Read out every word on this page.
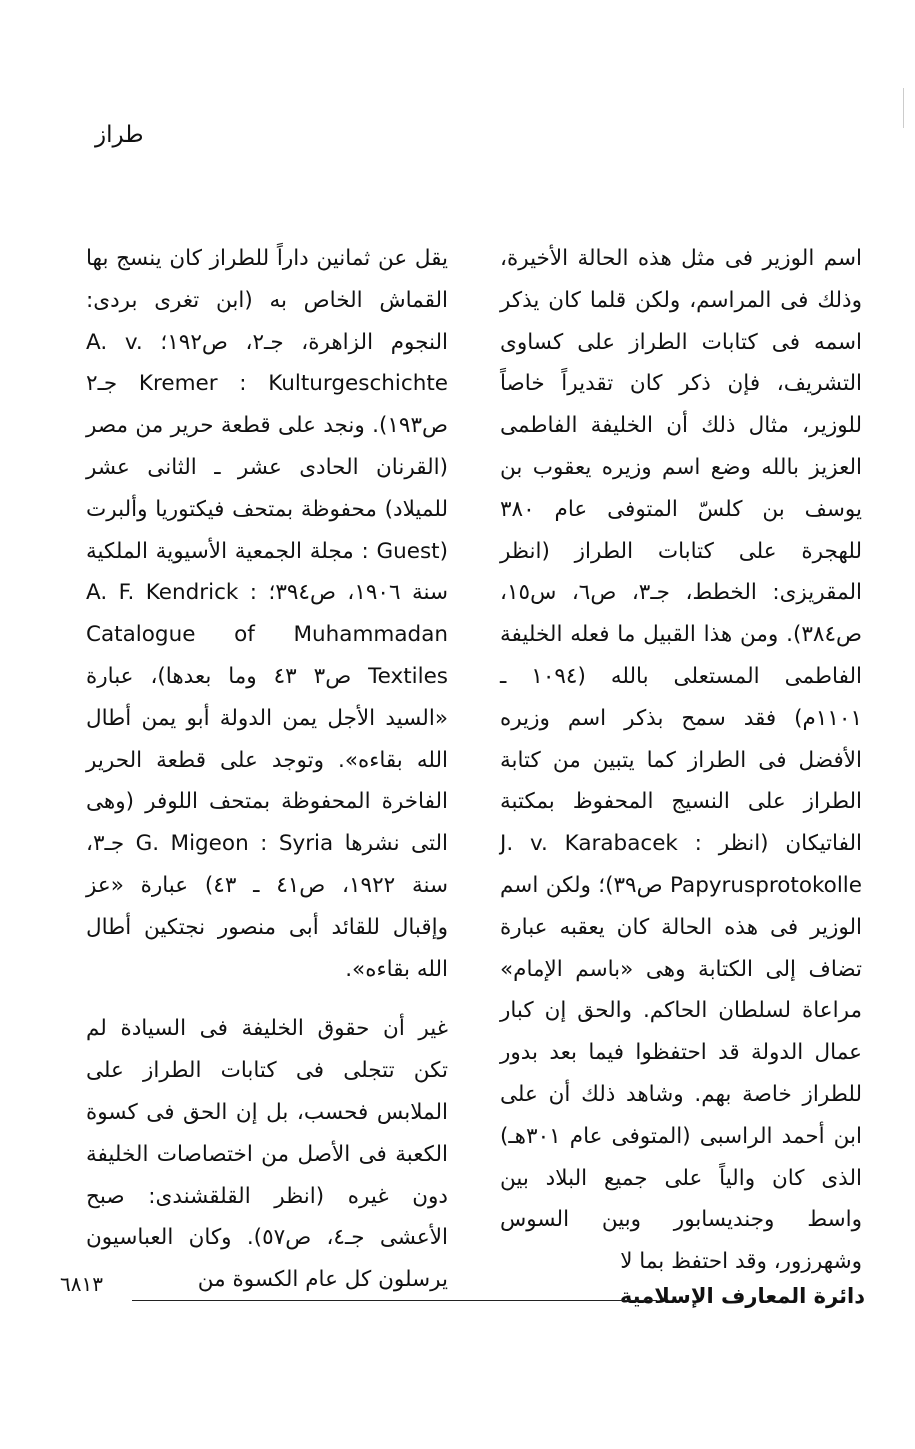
طراز

اسم الوزير فى مثل هذه الحالة الأخيرة، وذلك فى المراسم، ولكن قلما كان يذكر اسمه فى كتابات الطراز على كساوى التشريف، فإن ذكر كان تقديراً خاصاً للوزير، مثال ذلك أن الخليفة الفاطمى العزيز بالله وضع اسم وزيره يعقوب بن يوسف بن كلسّ المتوفى عام ٣٨٠ للهجرة على كتابات الطراز (انظر المقريزى: الخطط، جـ٣، ص٦، س١٥، ص٣٨٤). ومن هذا القبيل ما فعله الخليفة الفاطمى المستعلى بالله (١٠٩٤ ـ ١١٠١م) فقد سمح بذكر اسم وزيره الأفضل فى الطراز كما يتبين من كتابة الطراز على النسيج المحفوظ بمكتبة الفاتيكان (انظر J. v. Karabacek : Papyrusprotokolle ص٣٩)؛ ولكن اسم الوزير فى هذه الحالة كان يعقبه عبارة تضاف إلى الكتابة وهى «باسم الإمام» مراعاة لسلطان الحاكم. والحق إن كبار عمال الدولة قد احتفظوا فيما بعد بدور للطراز خاصة بهم. وشاهد ذلك أن على ابن أحمد الراسبى (المتوفى عام ٣٠١هـ) الذى كان والياً على جميع البلاد بين واسط وجنديسابور وبين السوس وشهرزور، وقد احتفظ بما لا

يقل عن ثمانين داراً للطراز كان ينسج بها القماش الخاص به (ابن تغرى بردى: النجوم الزاهرة، جـ٢، ص١٩٢؛ A. v. Kremer : Kulturgeschichte جـ٢ ص١٩٣). ونجد على قطعة حرير من مصر (القرنان الحادى عشر ـ الثانى عشر للميلاد) محفوظة بمتحف فيكتوريا وألبرت (Guest : مجلة الجمعية الأسيوية الملكية سنة ١٩٠٦، ص٣٩٤؛ A. F. Kendrick : Catalogue of Muhammadan Textiles ص٣ ٤٣ وما بعدها)، عبارة «السيد الأجل يمن الدولة أبو يمن أطال الله بقاءه». وتوجد على قطعة الحرير الفاخرة المحفوظة بمتحف اللوفر (وهى التى نشرها G. Migeon : Syria جـ٣، سنة ١٩٢٢، ص٤١ ـ ٤٣) عبارة «عز وإقبال للقائد أبى منصور نجتكين أطال الله بقاءه».

غير أن حقوق الخليفة فى السيادة لم تكن تتجلى فى كتابات الطراز على الملابس فحسب، بل إن الحق فى كسوة الكعبة فى الأصل من اختصاصات الخليفة دون غيره (انظر القلقشندى: صبح الأعشى جـ٤، ص٥٧). وكان العباسيون يرسلون كل عام الكسوة من

دائرة المعارف الإسلامية
٦٨١٣
